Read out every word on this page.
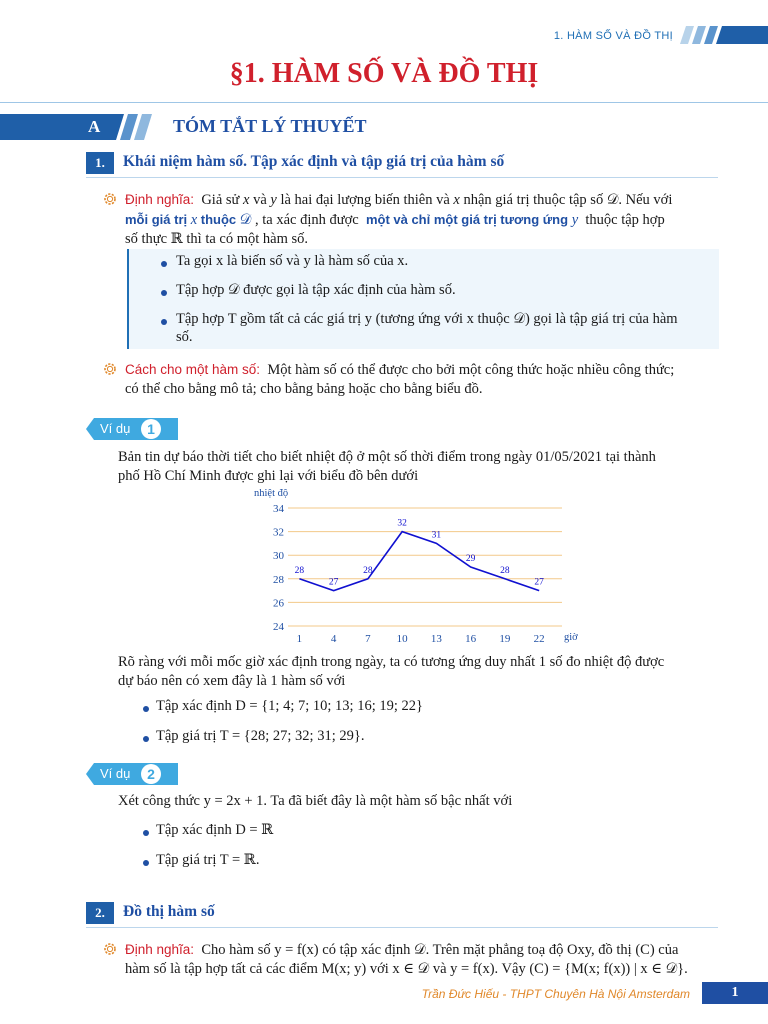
1. HÀM SỐ VÀ ĐỒ THỊ
§1. HÀM SỐ VÀ ĐỒ THỊ
A	TÓM TẮT LÝ THUYẾT
1.	Khái niệm hàm số. Tập xác định và tập giá trị của hàm số
Định nghĩa: Giả sử x và y là hai đại lượng biến thiên và x nhận giá trị thuộc tập số 𝒟. Nếu với
mỗi giá trị x thuộc 𝒟 , ta xác định được  một và chỉ một giá trị tương ứng y  thuộc tập hợp
số thực ℝ thì ta có một hàm số.
Ta gọi x là biến số và y là hàm số của x.
Tập hợp 𝒟 được gọi là tập xác định của hàm số.
Tập hợp T gồm tất cả các giá trị y (tương ứng với x thuộc 𝒟) gọi là tập giá trị của hàm
số.
Cách cho một hàm số: Một hàm số có thể được cho bởi một công thức hoặc nhiều công thức;
có thể cho bằng mô tả; cho bằng bảng hoặc cho bằng biểu đồ.
Ví dụ	1
Bản tin dự báo thời tiết cho biết nhiệt độ ở một số thời điểm trong ngày 01/05/2021 tại thành
phố Hồ Chí Minh được ghi lại với biểu đồ bên dưới
24
26
28
30
32
34
1	4	7 10 13 16 19 22
nhiệt độ
giờ
28
27
28
32
31
29
28
27
Rõ ràng với mỗi mốc giờ xác định trong ngày, ta có tương ứng duy nhất 1 số đo nhiệt độ được
dự báo nên có xem đây là 1 hàm số với
Tập xác định D = {1; 4; 7; 10; 13; 16; 19; 22}
Tập giá trị T = {28; 27; 32; 31; 29}.
Ví dụ	2
Xét công thức y = 2x + 1. Ta đã biết đây là một hàm số bậc nhất với
Tập xác định D = ℝ
Tập giá trị T = ℝ.
2.	Đồ thị hàm số
Định nghĩa: Cho hàm số y = f(x) có tập xác định 𝒟. Trên mặt phẳng toạ độ Oxy, đồ thị (C) của
hàm số là tập hợp tất cả các điểm M(x; y) với x ∈ 𝒟 và y = f(x). Vậy (C) = {M(x; f(x)) | x ∈ 𝒟}.
Trần Đức Hiếu - THPT Chuyên Hà Nội Amsterdam	1
